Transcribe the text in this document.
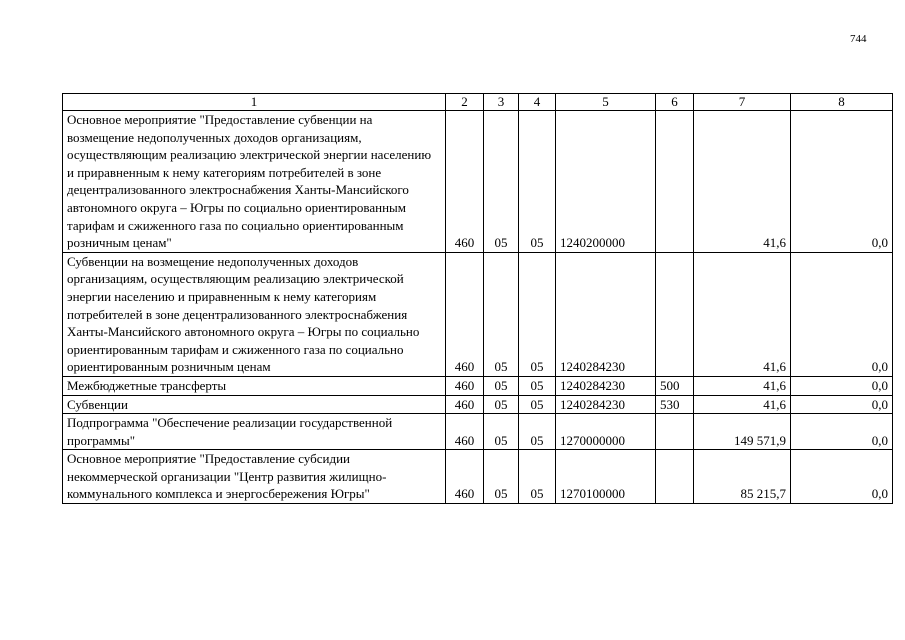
744
1	2	3	4	5	6	7	8
Основное мероприятие "Предоставление субвенции на возмещение недополученных доходов организациям, осуществляющим реализацию электрической энергии населению и приравненным к нему категориям потребителей в зоне децентрализованного электроснабжения Ханты-Мансийского автономного округа – Югры по социально ориентированным тарифам и сжиженного газа по социально ориентированным розничным ценам"	460	05	05	1240200000		41,6	0,0
Субвенции на возмещение недополученных доходов организациям, осуществляющим реализацию электрической энергии населению и приравненным к нему категориям потребителей в зоне децентрализованного электроснабжения Ханты-Мансийского автономного округа – Югры по социально ориентированным тарифам и сжиженного газа по социально ориентированным розничным ценам	460	05	05	1240284230		41,6	0,0
Межбюджетные трансферты	460	05	05	1240284230	500	41,6	0,0
Субвенции	460	05	05	1240284230	530	41,6	0,0
Подпрограмма "Обеспечение реализации государственной программы"	460	05	05	1270000000		149 571,9	0,0
Основное мероприятие "Предоставление субсидии некоммерческой организации "Центр развития жилищно-коммунального комплекса и энергосбережения Югры"	460	05	05	1270100000		85 215,7	0,0
